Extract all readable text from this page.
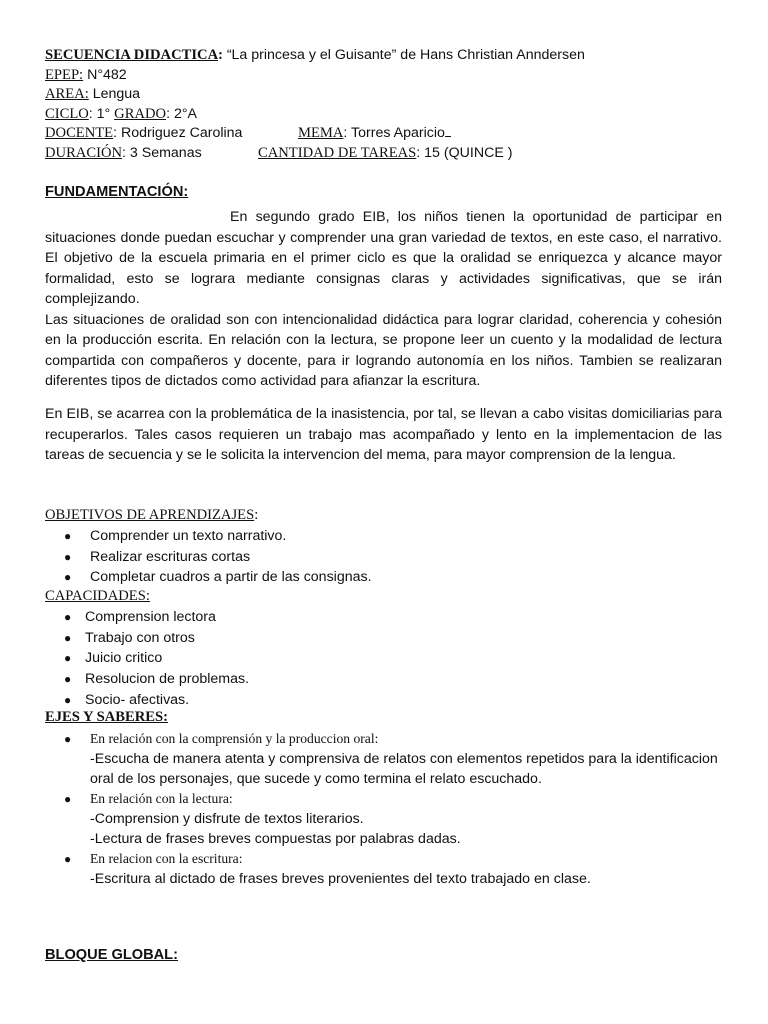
SECUENCIA DIDACTICA: “La princesa y el Guisante” de Hans Christian Anndersen
EPEP: N°482
AREA: Lengua
CICLO: 1° GRADO: 2°A
DOCENTE: Rodriguez Carolina	MEMA: Torres Aparicio
DURACIÓN: 3 Semanas	CANTIDAD DE TAREAS: 15 (QUINCE )
FUNDAMENTACIÓN:

En segundo grado EIB, los niños tienen la oportunidad de participar en situaciones donde puedan escuchar y comprender una gran variedad de textos, en este caso, el narrativo. El objetivo de la escuela primaria en el primer ciclo es que la oralidad se enriquezca y alcance mayor formalidad, esto se lograra mediante consignas claras y actividades significativas, que se irán complejizando.

Las situaciones de oralidad son con intencionalidad didáctica para lograr claridad, coherencia y cohesión en la producción escrita. En relación con la lectura, se propone leer un cuento y la modalidad de lectura compartida con compañeros y docente, para ir logrando autonomía en los niños. Tambien se realizaran diferentes tipos de dictados como actividad para afianzar la escritura.

En EIB, se acarrea con la problemática de la inasistencia, por tal, se llevan a cabo visitas domiciliarias para recuperarlos. Tales casos requieren un trabajo mas acompañado y lento en la implementacion de las tareas de secuencia y se le solicita la intervencion del mema, para mayor comprension de la lengua.

OBJETIVOS DE APRENDIZAJES:
● Comprender un texto narrativo.
● Realizar escrituras cortas
● Completar cuadros a partir de las consignas.
CAPACIDADES:
● Comprension lectora
● Trabajo con otros
● Juicio critico
● Resolucion de problemas.
● Socio- afectivas.
EJES Y SABERES:
● En relación con la comprensión y la produccion oral:
-Escucha de manera atenta y comprensiva de relatos con elementos repetidos para la identificacion oral de los personajes, que sucede y como termina el relato escuchado.
● En relación con la lectura:
-Comprension y disfrute de textos literarios.
-Lectura de frases breves compuestas por palabras dadas.
● En relacion con la escritura:
-Escritura al dictado de frases breves provenientes del texto trabajado en clase.
BLOQUE GLOBAL:
